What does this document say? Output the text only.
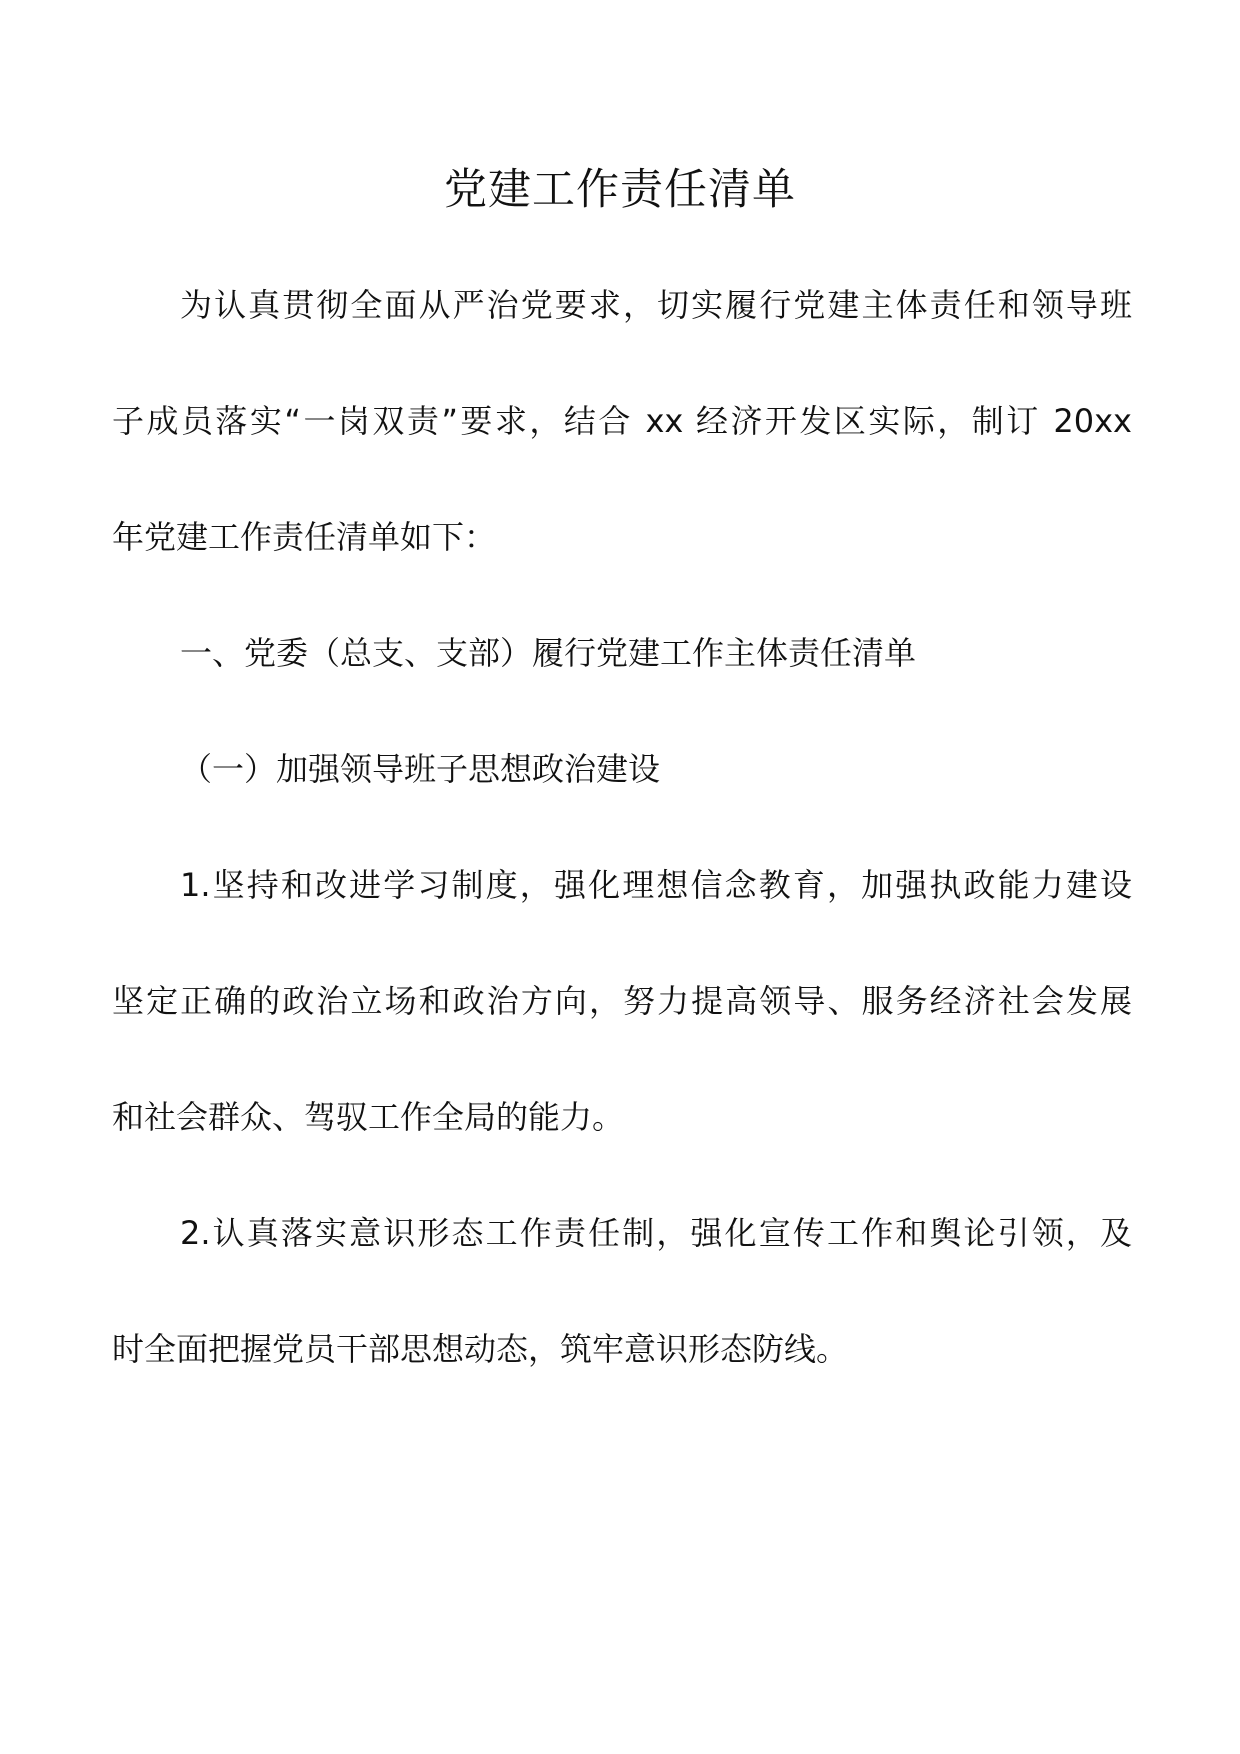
党建工作责任清单

为认真贯彻全面从严治党要求，切实履行党建主体责任和领导班

子成员落实“一岗双责”要求，结合 xx 经济开发区实际，制订 20xx

年党建工作责任清单如下：

一、党委（总支、支部）履行党建工作主体责任清单

（一）加强领导班子思想政治建设

1.坚持和改进学习制度，强化理想信念教育，加强执政能力建设

坚定正确的政治立场和政治方向，努力提高领导、服务经济社会发展

和社会群众、驾驭工作全局的能力。

2.认真落实意识形态工作责任制，强化宣传工作和舆论引领，及

时全面把握党员干部思想动态，筑牢意识形态防线。
